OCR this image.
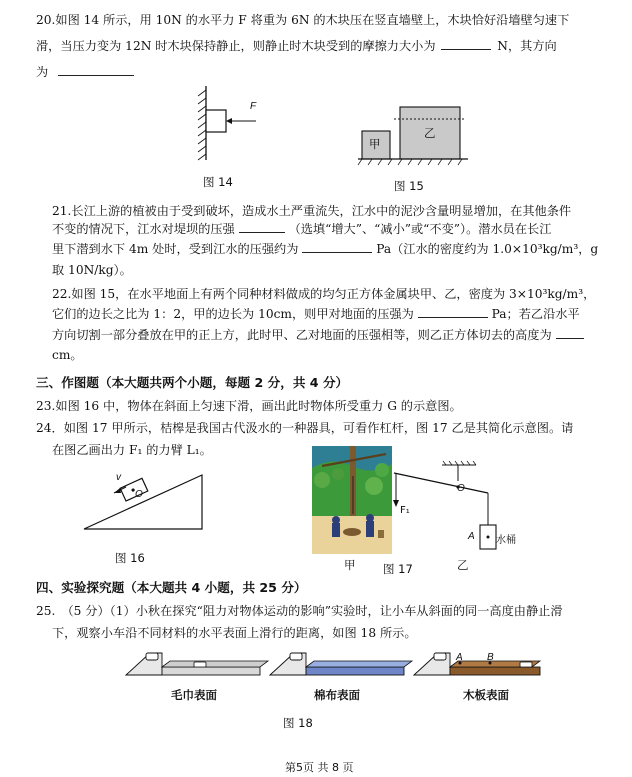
20.如图 14 所示，用 10N 的水平力 F 将重为 6N 的木块压在竖直墙壁上，木块恰好沿墙壁匀速下
滑，当压力变为 12N 时木块保持静止，则静止时木块受到的摩擦力大小为	N，其方向
为
F
图 14
甲
乙
图 15
21.长江上游的植被由于受到破坏，造成水土严重流失，江水中的泥沙含量明显增加，在其他条件
不变的情况下，江水对堤坝的压强	（选填“增大”、“减小”或“不变”）。潜水员在长江
里下潜到水下 4m 处时，受到江水的压强约为	Pa（江水的密度约为 1.0×10³kg/m³，g
取 10N/kg）。
22.如图 15，在水平地面上有两个同种材料做成的均匀正方体金属块甲、乙，密度为 3×10³kg/m³，
它们的边长之比为 1：2，甲的边长为 10cm，则甲对地面的压强为	Pa；若乙沿水平
方向切割一部分叠放在甲的正上方，此时甲、乙对地面的压强相等，则乙正方体切去的高度为
cm。
三、作图题（本大题共两个小题，每题 2 分，共 4 分）
23.如图 16 中，物体在斜面上匀速下滑，画出此时物体所受重力 G 的示意图。
24．如图 17 甲所示，桔槔是我国古代汲水的一种器具，可看作杠杆，图 17 乙是其简化示意图。请
在图乙画出力 F₁ 的力臂 L₁。
v
O
图 16	甲
O
F₁
A 水桶
乙
图 17
四、实验探究题（本大题共 4 小题，共 25 分）
25.　（5 分）（1）小秋在探究“阻力对物体运动的影响”实验时，让小车从斜面的同一高度由静止滑
下，观察小车沿不同材料的水平表面上滑行的距离，如图 18 所示。
A B
毛巾表面	棉布表面	木板表面
图 18
第5页 共 8 页
